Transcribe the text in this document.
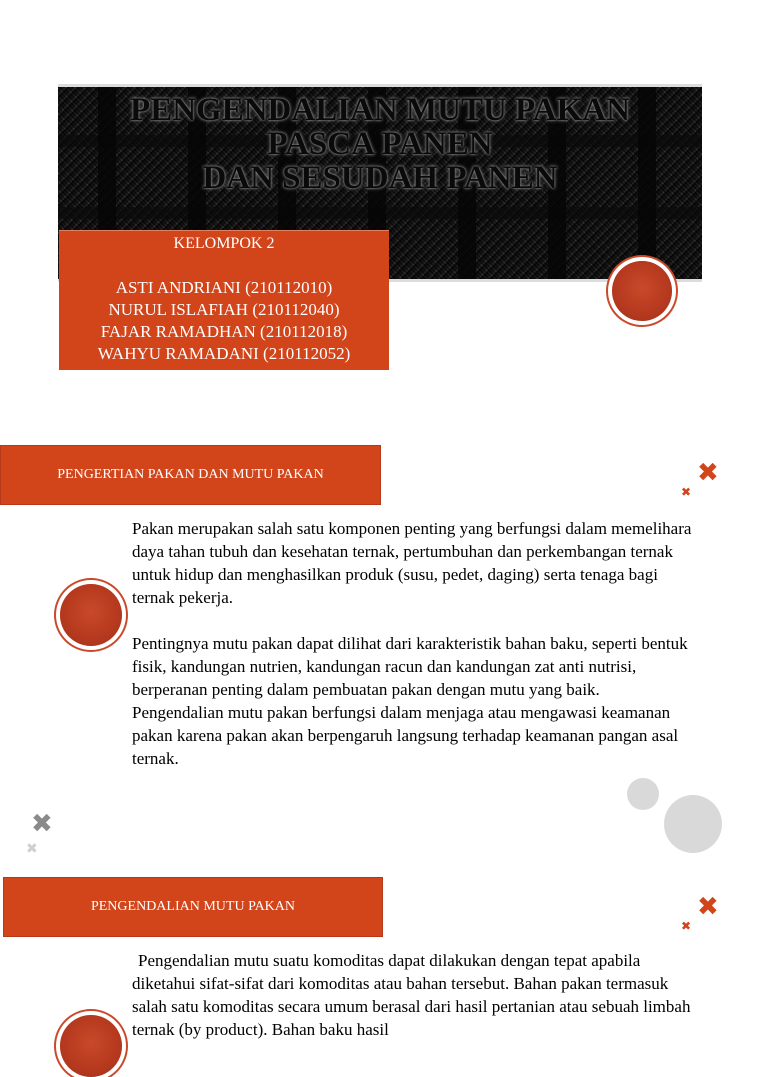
PENGENDALIAN MUTU PAKAN
PASCA PANEN
DAN SESUDAH PANEN
KELOMPOK 2
ASTI ANDRIANI (210112010)
NURUL ISLAFIAH (210112040)
FAJAR RAMADHAN (210112018)
WAHYU RAMADANI (210112052)
PENGERTIAN PAKAN DAN MUTU PAKAN	✖
✖

Pakan merupakan salah satu komponen penting yang berfungsi dalam memelihara daya tahan tubuh dan kesehatan ternak, pertumbuhan dan perkembangan ternak untuk hidup dan menghasilkan produk (susu, pedet, daging) serta tenaga bagi ternak pekerja.

Pentingnya mutu pakan dapat dilihat dari karakteristik bahan baku, seperti bentuk fisik, kandungan nutrien, kandungan racun dan kandungan zat anti nutrisi, berperanan penting dalam pembuatan pakan dengan mutu yang baik. Pengendalian mutu pakan berfungsi dalam menjaga atau mengawasi keamanan pakan karena pakan akan berpengaruh langsung terhadap keamanan pangan asal ternak.

✖
✖
PENGENDALIAN MUTU PAKAN	✖
✖

Pengendalian mutu suatu komoditas dapat dilakukan dengan tepat apabila diketahui sifat-sifat dari komoditas atau bahan tersebut. Bahan pakan termasuk salah satu komoditas secara umum berasal dari hasil pertanian atau sebuah limbah ternak (by product). Bahan baku hasil
